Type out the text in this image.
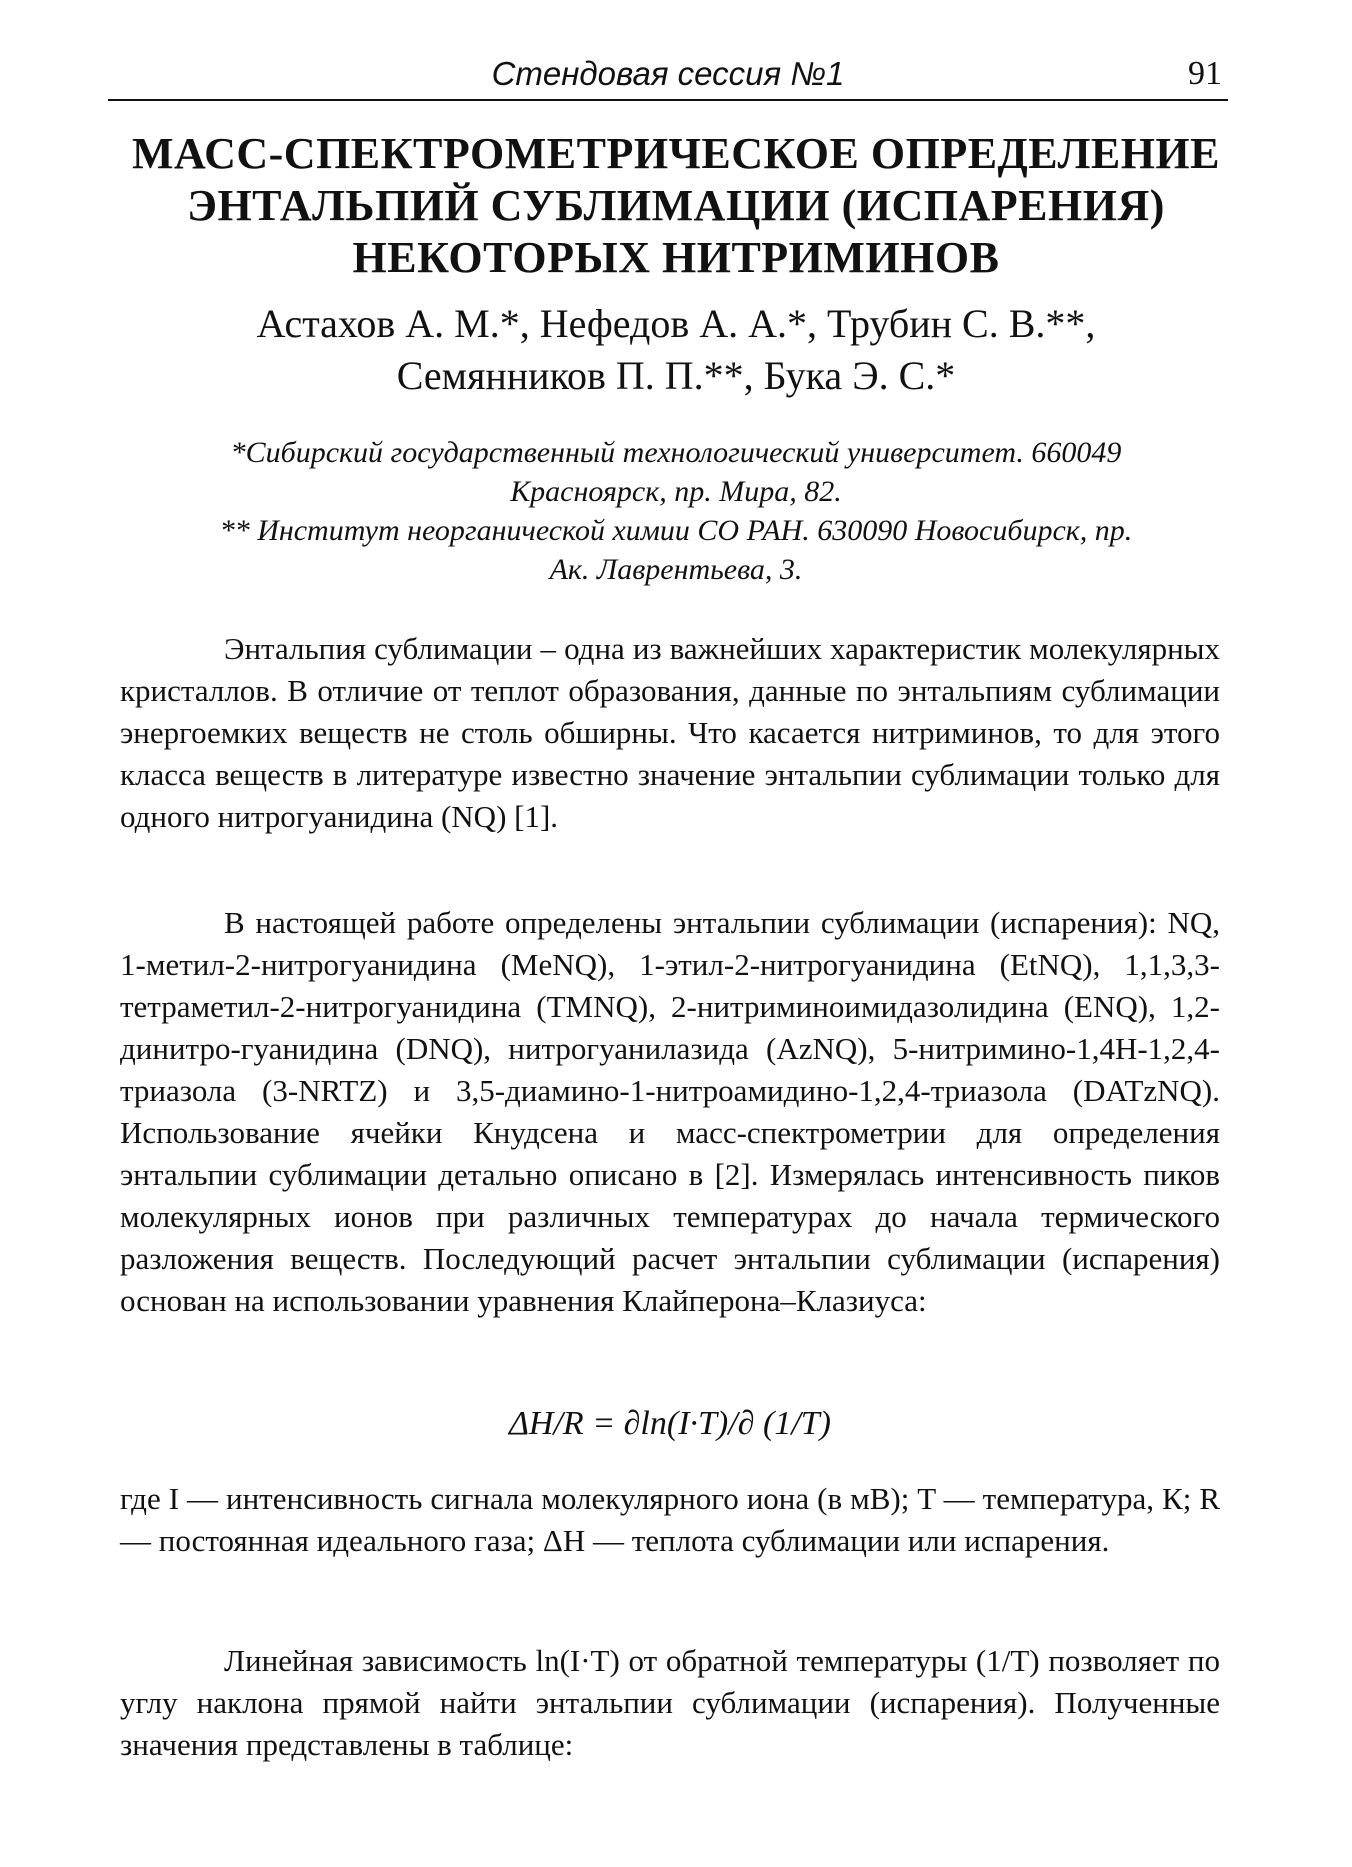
Стендовая сессия №1	91
МАСС-СПЕКТРОМЕТРИЧЕСКОЕ ОПРЕДЕЛЕНИЕ
ЭНТАЛЬПИЙ СУБЛИМАЦИИ (ИСПАРЕНИЯ)
НЕКОТОРЫХ НИТРИМИНОВ
Астахов А. М.*, Нефедов А. А.*, Трубин С. В.**,
Семянников П. П.**, Бука Э. С.*
*Сибирский государственный технологический университет. 660049
Красноярск, пр. Мира, 82.
** Институт неорганической химии СО РАН. 630090 Новосибирск, пр.
Ак. Лаврентьева, 3.

Энтальпия сублимации – одна из важнейших характеристик молекулярных кристаллов. В отличие от теплот образования, данные по энтальпиям сублимации энергоемких веществ не столь обширны. Что касается нитриминов, то для этого класса веществ в литературе известно значение энтальпии сублимации только для одного нитрогуанидина (NQ) [1].

В настоящей работе определены энтальпии сублимации (испарения): NQ, 1-метил-2-нитрогуанидина (MeNQ), 1-этил-2-нитрогуанидина (EtNQ), 1,1,3,3-тетраметил-2-нитрогуанидина (TMNQ), 2-нитриминоимидазолидина (ENQ), 1,2-динитро-гуанидина (DNQ), нитрогуанилазида (AzNQ), 5-нитримино-1,4H-1,2,4-триазола (3-NRTZ) и 3,5-диамино-1-нитроамидино-1,2,4-триазола (DATzNQ). Использование ячейки Кнудсена и масс-спектрометрии для определения энтальпии сублимации детально описано в [2]. Измерялась интенсивность пиков молекулярных ионов при различных температурах до начала термического разложения веществ. Последующий расчет энтальпии сублимации (испарения) основан на использовании уравнения Клайперона–Клазиуса:

ΔH/R = ∂ln(I·T)/∂ (1/T)

где I — интенсивность сигнала молекулярного иона (в мВ); T — температура, К; R — постоянная идеального газа; ΔH — теплота сублимации или испарения.

Линейная зависимость ln(I·T) от обратной температуры (1/T) позволяет по углу наклона прямой найти энтальпии сублимации (испарения). Полученные значения представлены в таблице:
